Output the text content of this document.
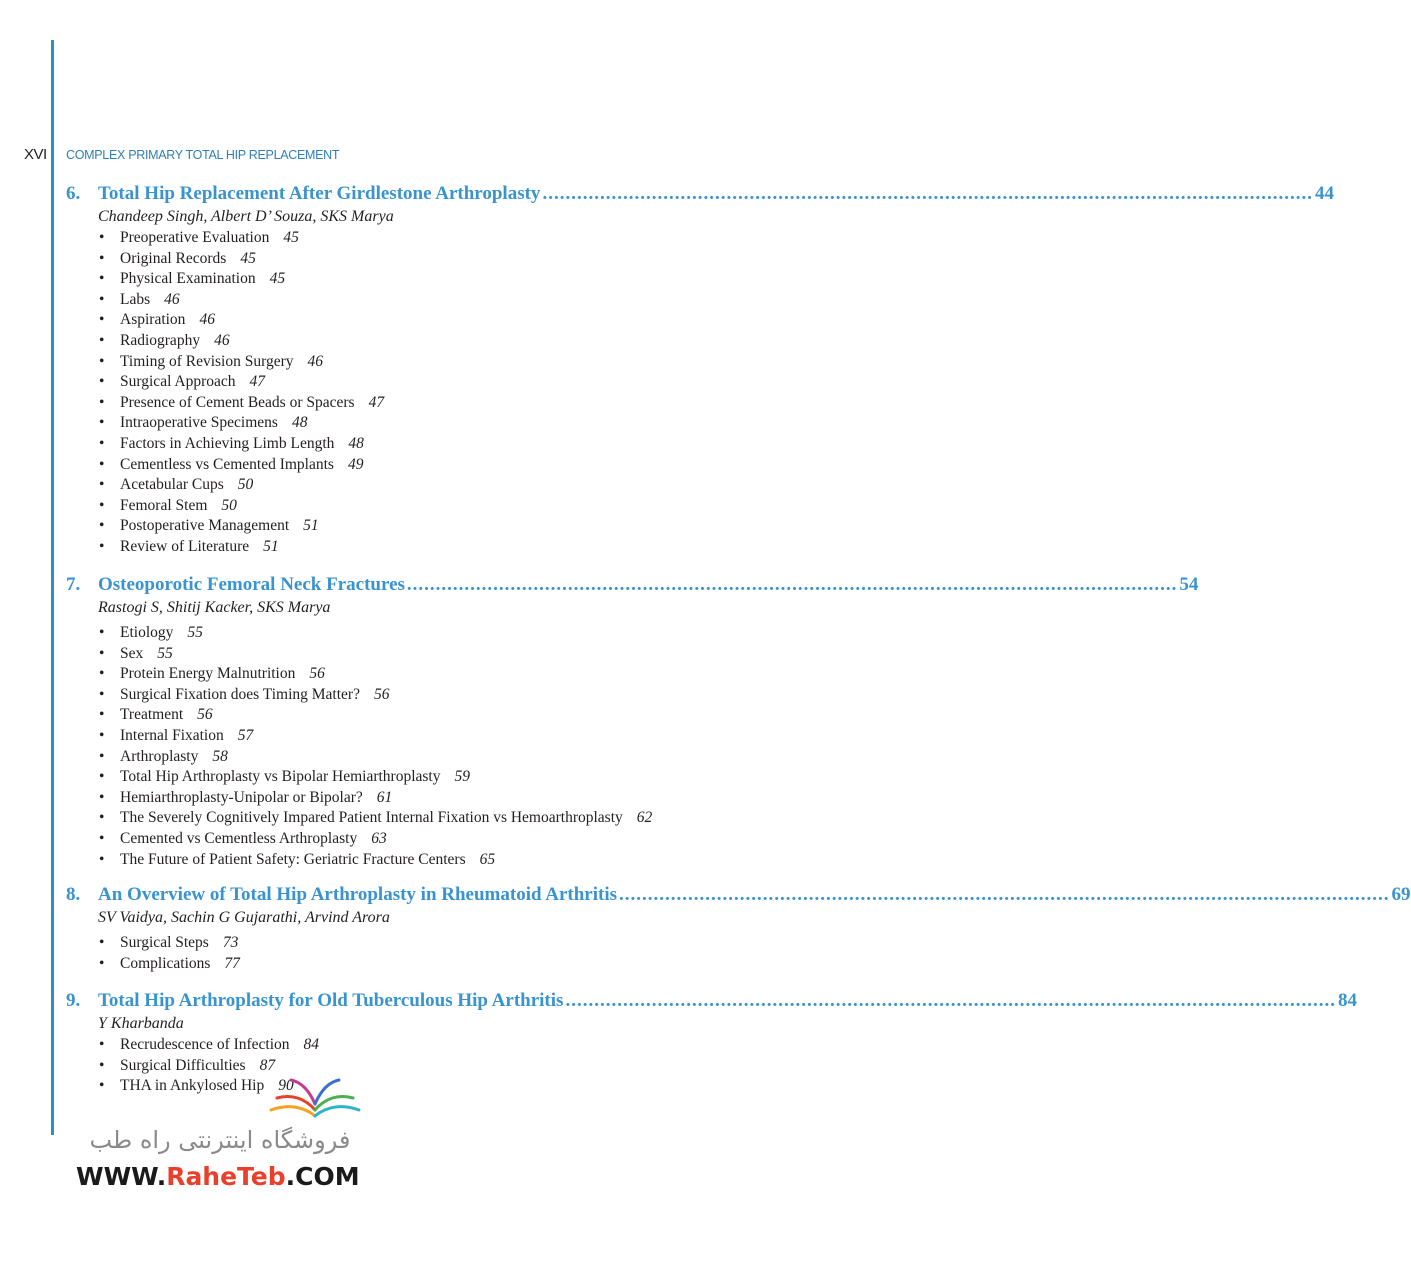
XVI COMPLEX PRIMARY TOTAL HIP REPLACEMENT
6. Total Hip Replacement After Girdlestone Arthroplasty ...................................................................................................................................... 44
Chandeep Singh, Albert D’ Souza, SKS Marya
• Preoperative Evaluation 45
• Original Records 45
• Physical Examination 45
• Labs 46
• Aspiration 46
• Radiography 46
• Timing of Revision Surgery 46
• Surgical Approach 47
• Presence of Cement Beads or Spacers 47
• Intraoperative Specimens 48
• Factors in Achieving Limb Length 48
• Cementless vs Cemented Implants 49
• Acetabular Cups 50
• Femoral Stem 50
• Postoperative Management 51
• Review of Literature 51
7. Osteoporotic Femoral Neck Fractures ...................................................................................................................................... 54
Rastogi S, Shitij Kacker, SKS Marya
• Etiology 55
• Sex 55
• Protein Energy Malnutrition 56
• Surgical Fixation does Timing Matter? 56
• Treatment 56
• Internal Fixation 57
• Arthroplasty 58
• Total Hip Arthroplasty vs Bipolar Hemiarthroplasty 59
• Hemiarthroplasty-Unipolar or Bipolar? 61
• The Severely Cognitively Impared Patient Internal Fixation vs Hemoarthroplasty 62
• Cemented vs Cementless Arthroplasty 63
• The Future of Patient Safety: Geriatric Fracture Centers 65
8. An Overview of Total Hip Arthroplasty in Rheumatoid Arthritis ...................................................................................................................................... 69
SV Vaidya, Sachin G Gujarathi, Arvind Arora
• Surgical Steps 73
• Complications 77
9. Total Hip Arthroplasty for Old Tuberculous Hip Arthritis ...................................................................................................................................... 84
Y Kharbanda
• Recrudescence of Infection 84
• Surgical Difficulties 87
• THA in Ankylosed Hip 90
فروشگاه اینترنتی راه طب
WWW.RaheTeb.COM
